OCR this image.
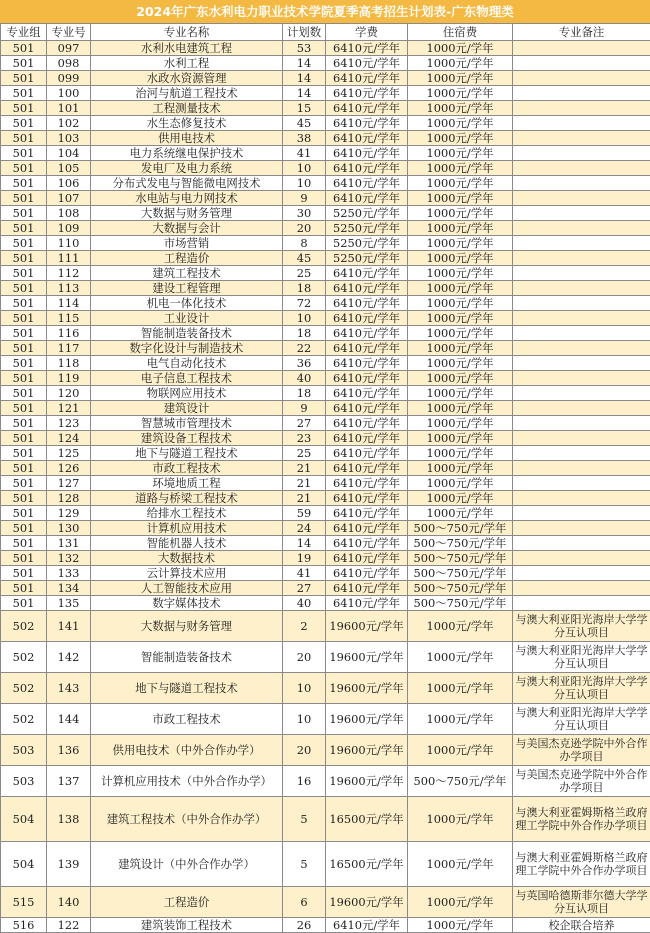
2024年广东水利电力职业技术学院夏季高考招生计划表-广东物理类
专业组	专业号	专业名称	计划数	学费	住宿费	专业备注
501	097	水利水电建筑工程	53	6410元/学年	1000元/学年	
501	098	水利工程	14	6410元/学年	1000元/学年	
501	099	水政水资源管理	14	6410元/学年	1000元/学年	
501	100	治河与航道工程技术	14	6410元/学年	1000元/学年	
501	101	工程测量技术	15	6410元/学年	1000元/学年	
501	102	水生态修复技术	45	6410元/学年	1000元/学年	
501	103	供用电技术	38	6410元/学年	1000元/学年	
501	104	电力系统继电保护技术	41	6410元/学年	1000元/学年	
501	105	发电厂及电力系统	10	6410元/学年	1000元/学年	
501	106	分布式发电与智能微电网技术	10	6410元/学年	1000元/学年	
501	107	水电站与电力网技术	9	6410元/学年	1000元/学年	
501	108	大数据与财务管理	30	5250元/学年	1000元/学年	
501	109	大数据与会计	20	5250元/学年	1000元/学年	
501	110	市场营销	8	5250元/学年	1000元/学年	
501	111	工程造价	45	5250元/学年	1000元/学年	
501	112	建筑工程技术	25	6410元/学年	1000元/学年	
501	113	建设工程管理	18	6410元/学年	1000元/学年	
501	114	机电一体化技术	72	6410元/学年	1000元/学年	
501	115	工业设计	10	6410元/学年	1000元/学年	
501	116	智能制造装备技术	18	6410元/学年	1000元/学年	
501	117	数字化设计与制造技术	22	6410元/学年	1000元/学年	
501	118	电气自动化技术	36	6410元/学年	1000元/学年	
501	119	电子信息工程技术	40	6410元/学年	1000元/学年	
501	120	物联网应用技术	18	6410元/学年	1000元/学年	
501	121	建筑设计	9	6410元/学年	1000元/学年	
501	123	智慧城市管理技术	27	6410元/学年	1000元/学年	
501	124	建筑设备工程技术	23	6410元/学年	1000元/学年	
501	125	地下与隧道工程技术	25	6410元/学年	1000元/学年	
501	126	市政工程技术	21	6410元/学年	1000元/学年	
501	127	环境地质工程	21	6410元/学年	1000元/学年	
501	128	道路与桥梁工程技术	21	6410元/学年	1000元/学年	
501	129	给排水工程技术	59	6410元/学年	1000元/学年	
501	130	计算机应用技术	24	6410元/学年	500～750元/学年	
501	131	智能机器人技术	14	6410元/学年	500～750元/学年	
501	132	大数据技术	19	6410元/学年	500～750元/学年	
501	133	云计算技术应用	41	6410元/学年	500～750元/学年	
501	134	人工智能技术应用	27	6410元/学年	500～750元/学年	
501	135	数字媒体技术	40	6410元/学年	500～750元/学年	
502	141	大数据与财务管理	2	19600元/学年	1000元/学年	与澳大利亚阳光海岸大学学分互认项目
502	142	智能制造装备技术	20	19600元/学年	1000元/学年	与澳大利亚阳光海岸大学学分互认项目
502	143	地下与隧道工程技术	10	19600元/学年	1000元/学年	与澳大利亚阳光海岸大学学分互认项目
502	144	市政工程技术	10	19600元/学年	1000元/学年	与澳大利亚阳光海岸大学学分互认项目
503	136	供用电技术（中外合作办学）	20	19600元/学年	1000元/学年	与美国杰克逊学院中外合作办学项目
503	137	计算机应用技术（中外合作办学）	16	19600元/学年	500～750元/学年	与美国杰克逊学院中外合作办学项目
504	138	建筑工程技术（中外合作办学）	5	16500元/学年	1000元/学年	与澳大利亚霍姆斯格兰政府理工学院中外合作办学项目
504	139	建筑设计（中外合作办学）	5	16500元/学年	1000元/学年	与澳大利亚霍姆斯格兰政府理工学院中外合作办学项目
515	140	工程造价	6	19600元/学年	1000元/学年	与英国哈德斯菲尔德大学学分互认项目
516	122	建筑装饰工程技术	26	6410元/学年	1000元/学年	校企联合培养
